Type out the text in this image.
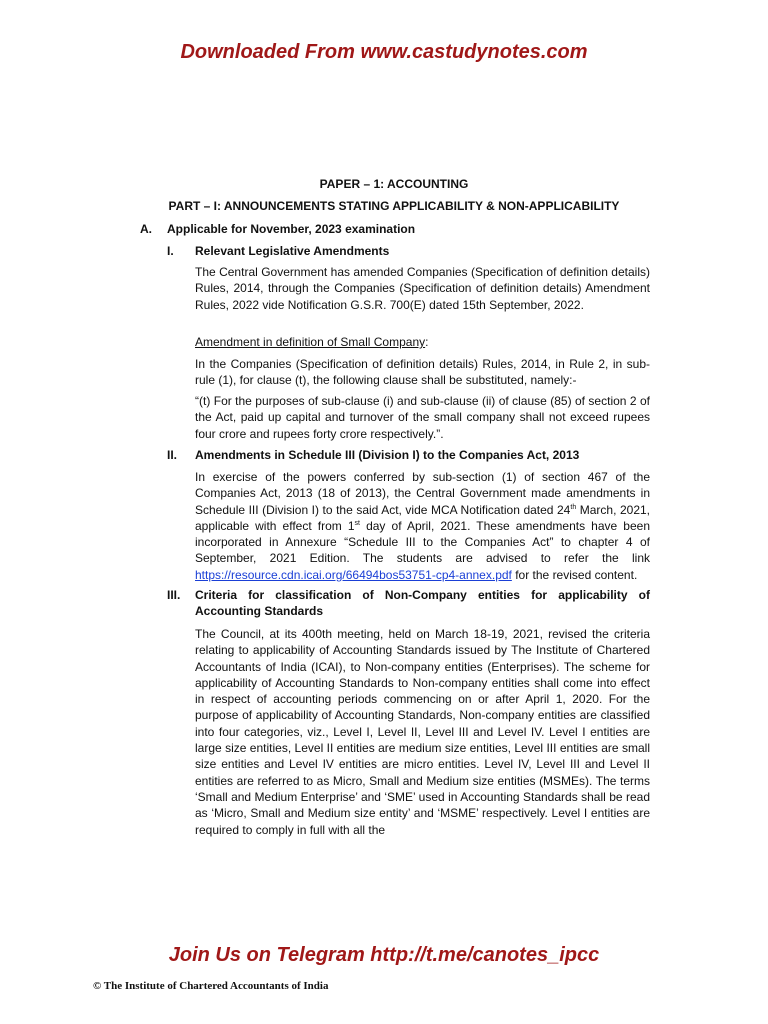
Downloaded From www.castudynotes.com
PAPER – 1: ACCOUNTING
PART – I: ANNOUNCEMENTS STATING APPLICABILITY & NON-APPLICABILITY
A. Applicable for November, 2023 examination
I. Relevant Legislative Amendments
The Central Government has amended Companies (Specification of definition details) Rules, 2014, through the Companies (Specification of definition details) Amendment Rules, 2022 vide Notification G.S.R. 700(E) dated 15th September, 2022.
Amendment in definition of Small Company:
In the Companies (Specification of definition details) Rules, 2014, in Rule 2, in sub-rule (1), for clause (t), the following clause shall be substituted, namely:-
“(t) For the purposes of sub-clause (i) and sub-clause (ii) of clause (85) of section 2 of the Act, paid up capital and turnover of the small company shall not exceed rupees four crore and rupees forty crore respectively.”.
II. Amendments in Schedule III (Division I) to the Companies Act, 2013
In exercise of the powers conferred by sub-section (1) of section 467 of the Companies Act, 2013 (18 of 2013), the Central Government made amendments in Schedule III (Division I) to the said Act, vide MCA Notification dated 24th March, 2021, applicable with effect from 1st day of April, 2021. These amendments have been incorporated in Annexure “Schedule III to the Companies Act” to chapter 4 of September, 2021 Edition. The students are advised to refer the link https://resource.cdn.icai.org/66494bos53751-cp4-annex.pdf for the revised content.
III. Criteria for classification of Non-Company entities for applicability of Accounting Standards
The Council, at its 400th meeting, held on March 18-19, 2021, revised the criteria relating to applicability of Accounting Standards issued by The Institute of Chartered Accountants of India (ICAI), to Non-company entities (Enterprises). The scheme for applicability of Accounting Standards to Non-company entities shall come into effect in respect of accounting periods commencing on or after April 1, 2020. For the purpose of applicability of Accounting Standards, Non-company entities are classified into four categories, viz., Level I, Level II, Level III and Level IV. Level I entities are large size entities, Level II entities are medium size entities, Level III entities are small size entities and Level IV entities are micro entities. Level IV, Level III and Level II entities are referred to as Micro, Small and Medium size entities (MSMEs). The terms ‘Small and Medium Enterprise’ and ‘SME’ used in Accounting Standards shall be read as ‘Micro, Small and Medium size entity’ and ‘MSME’ respectively. Level I entities are required to comply in full with all the
Join Us on Telegram http://t.me/canotes_ipcc
© The Institute of Chartered Accountants of India
